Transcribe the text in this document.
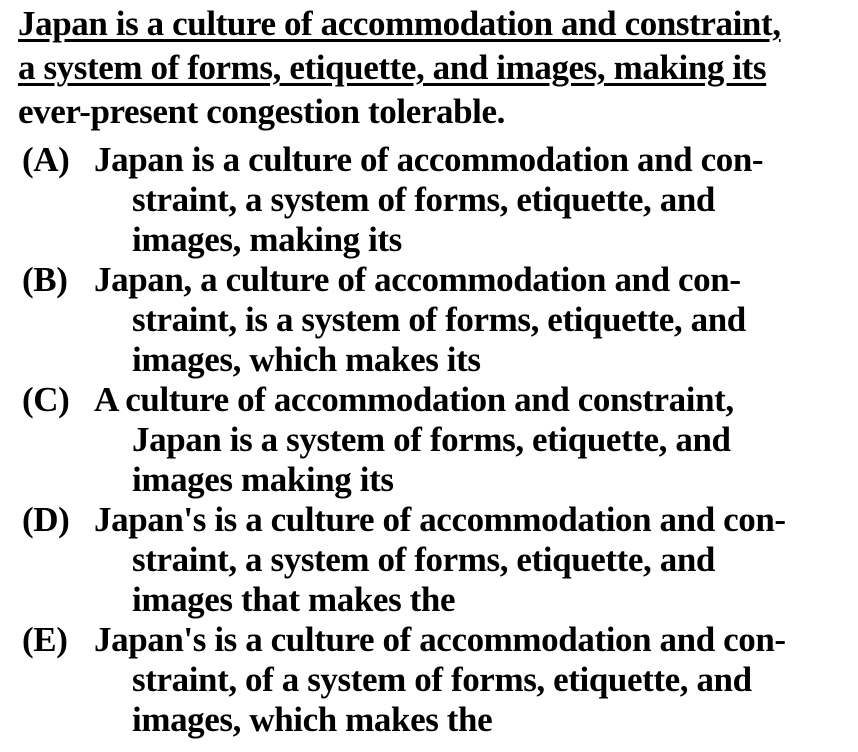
Japan is a culture of accommodation and constraint,
a system of forms, etiquette, and images, making its
ever-present congestion tolerable.
(A) Japan is a culture of accommodation and con-
straint, a system of forms, etiquette, and
images, making its
(B) Japan, a culture of accommodation and con-
straint, is a system of forms, etiquette, and
images, which makes its
(C) A culture of accommodation and constraint,
Japan is a system of forms, etiquette, and
images making its
(D) Japan's is a culture of accommodation and con-
straint, a system of forms, etiquette, and
images that makes the
(E) Japan's is a culture of accommodation and con-
straint, of a system of forms, etiquette, and
images, which makes the
